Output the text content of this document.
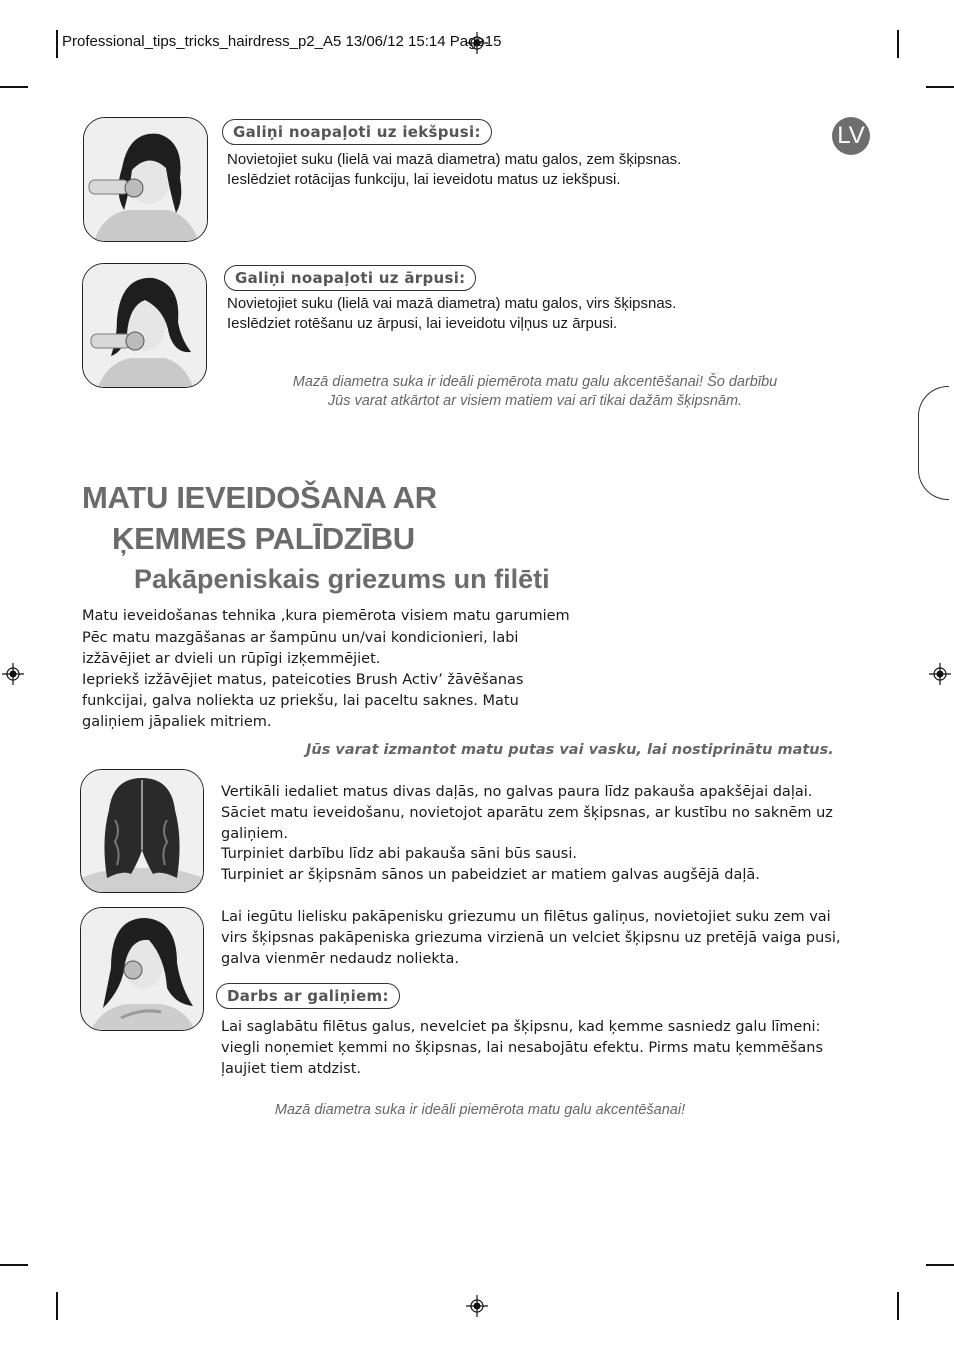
Professional_tips_tricks_hairdress_p2_A5 13/06/12 15:14 Page15
LV
Galiņi noapaļoti uz iekšpusi:
Novietojiet suku (lielā vai mazā diametra) matu galos, zem šķipsnas.
Ieslēdziet rotācijas funkciju, lai ieveidotu matus uz iekšpusi.
Galiņi noapaļoti uz ārpusi:
Novietojiet suku (lielā vai mazā diametra) matu galos, virs šķipsnas.
Ieslēdziet rotēšanu uz ārpusi, lai ieveidotu viļņus uz ārpusi.
Mazā diametra suka ir ideāli piemērota matu galu akcentēšanai! Šo darbību
Jūs varat atkārtot ar visiem matiem vai arī tikai dažām šķipsnām.
MATU IEVEIDOŠANA AR
ĶEMMES PALĪDZĪBU
Pakāpeniskais griezums un filēti
Matu ieveidošanas tehnika ,kura piemērota visiem matu garumiem
Pēc matu mazgāšanas ar šampūnu un/vai kondicionieri, labi
izžāvējiet ar dvieli un rūpīgi izķemmējiet.
Iepriekš izžāvējiet matus, pateicoties Brush Activ’ žāvēšanas
funkcijai, galva noliekta uz priekšu, lai paceltu saknes. Matu
galiņiem jāpaliek mitriem.
Jūs varat izmantot matu putas vai vasku, lai nostiprinātu matus.
Vertikāli iedaliet matus divas daļās, no galvas paura līdz pakauša apakšējai daļai.
Sāciet matu ieveidošanu, novietojot aparātu zem šķipsnas, ar kustību no saknēm uz
galiņiem.
Turpiniet darbību līdz abi pakauša sāni būs sausi.
Turpiniet ar šķipsnām sānos un pabeidziet ar matiem galvas augšējā daļā.
Lai iegūtu lielisku pakāpenisku griezumu un filētus galiņus, novietojiet suku zem vai
virs šķipsnas pakāpeniska griezuma virzienā un velciet šķipsnu uz pretējā vaiga pusi,
galva vienmēr nedaudz noliekta.
Darbs ar galiņiem:
Lai saglabātu filētus galus, nevelciet pa šķipsnu, kad ķemme sasniedz galu līmeni:
viegli noņemiet ķemmi no šķipsnas, lai nesabojātu efektu. Pirms matu ķemmēšans
ļaujiet tiem atdzist.
Mazā diametra suka ir ideāli piemērota matu galu akcentēšanai!
